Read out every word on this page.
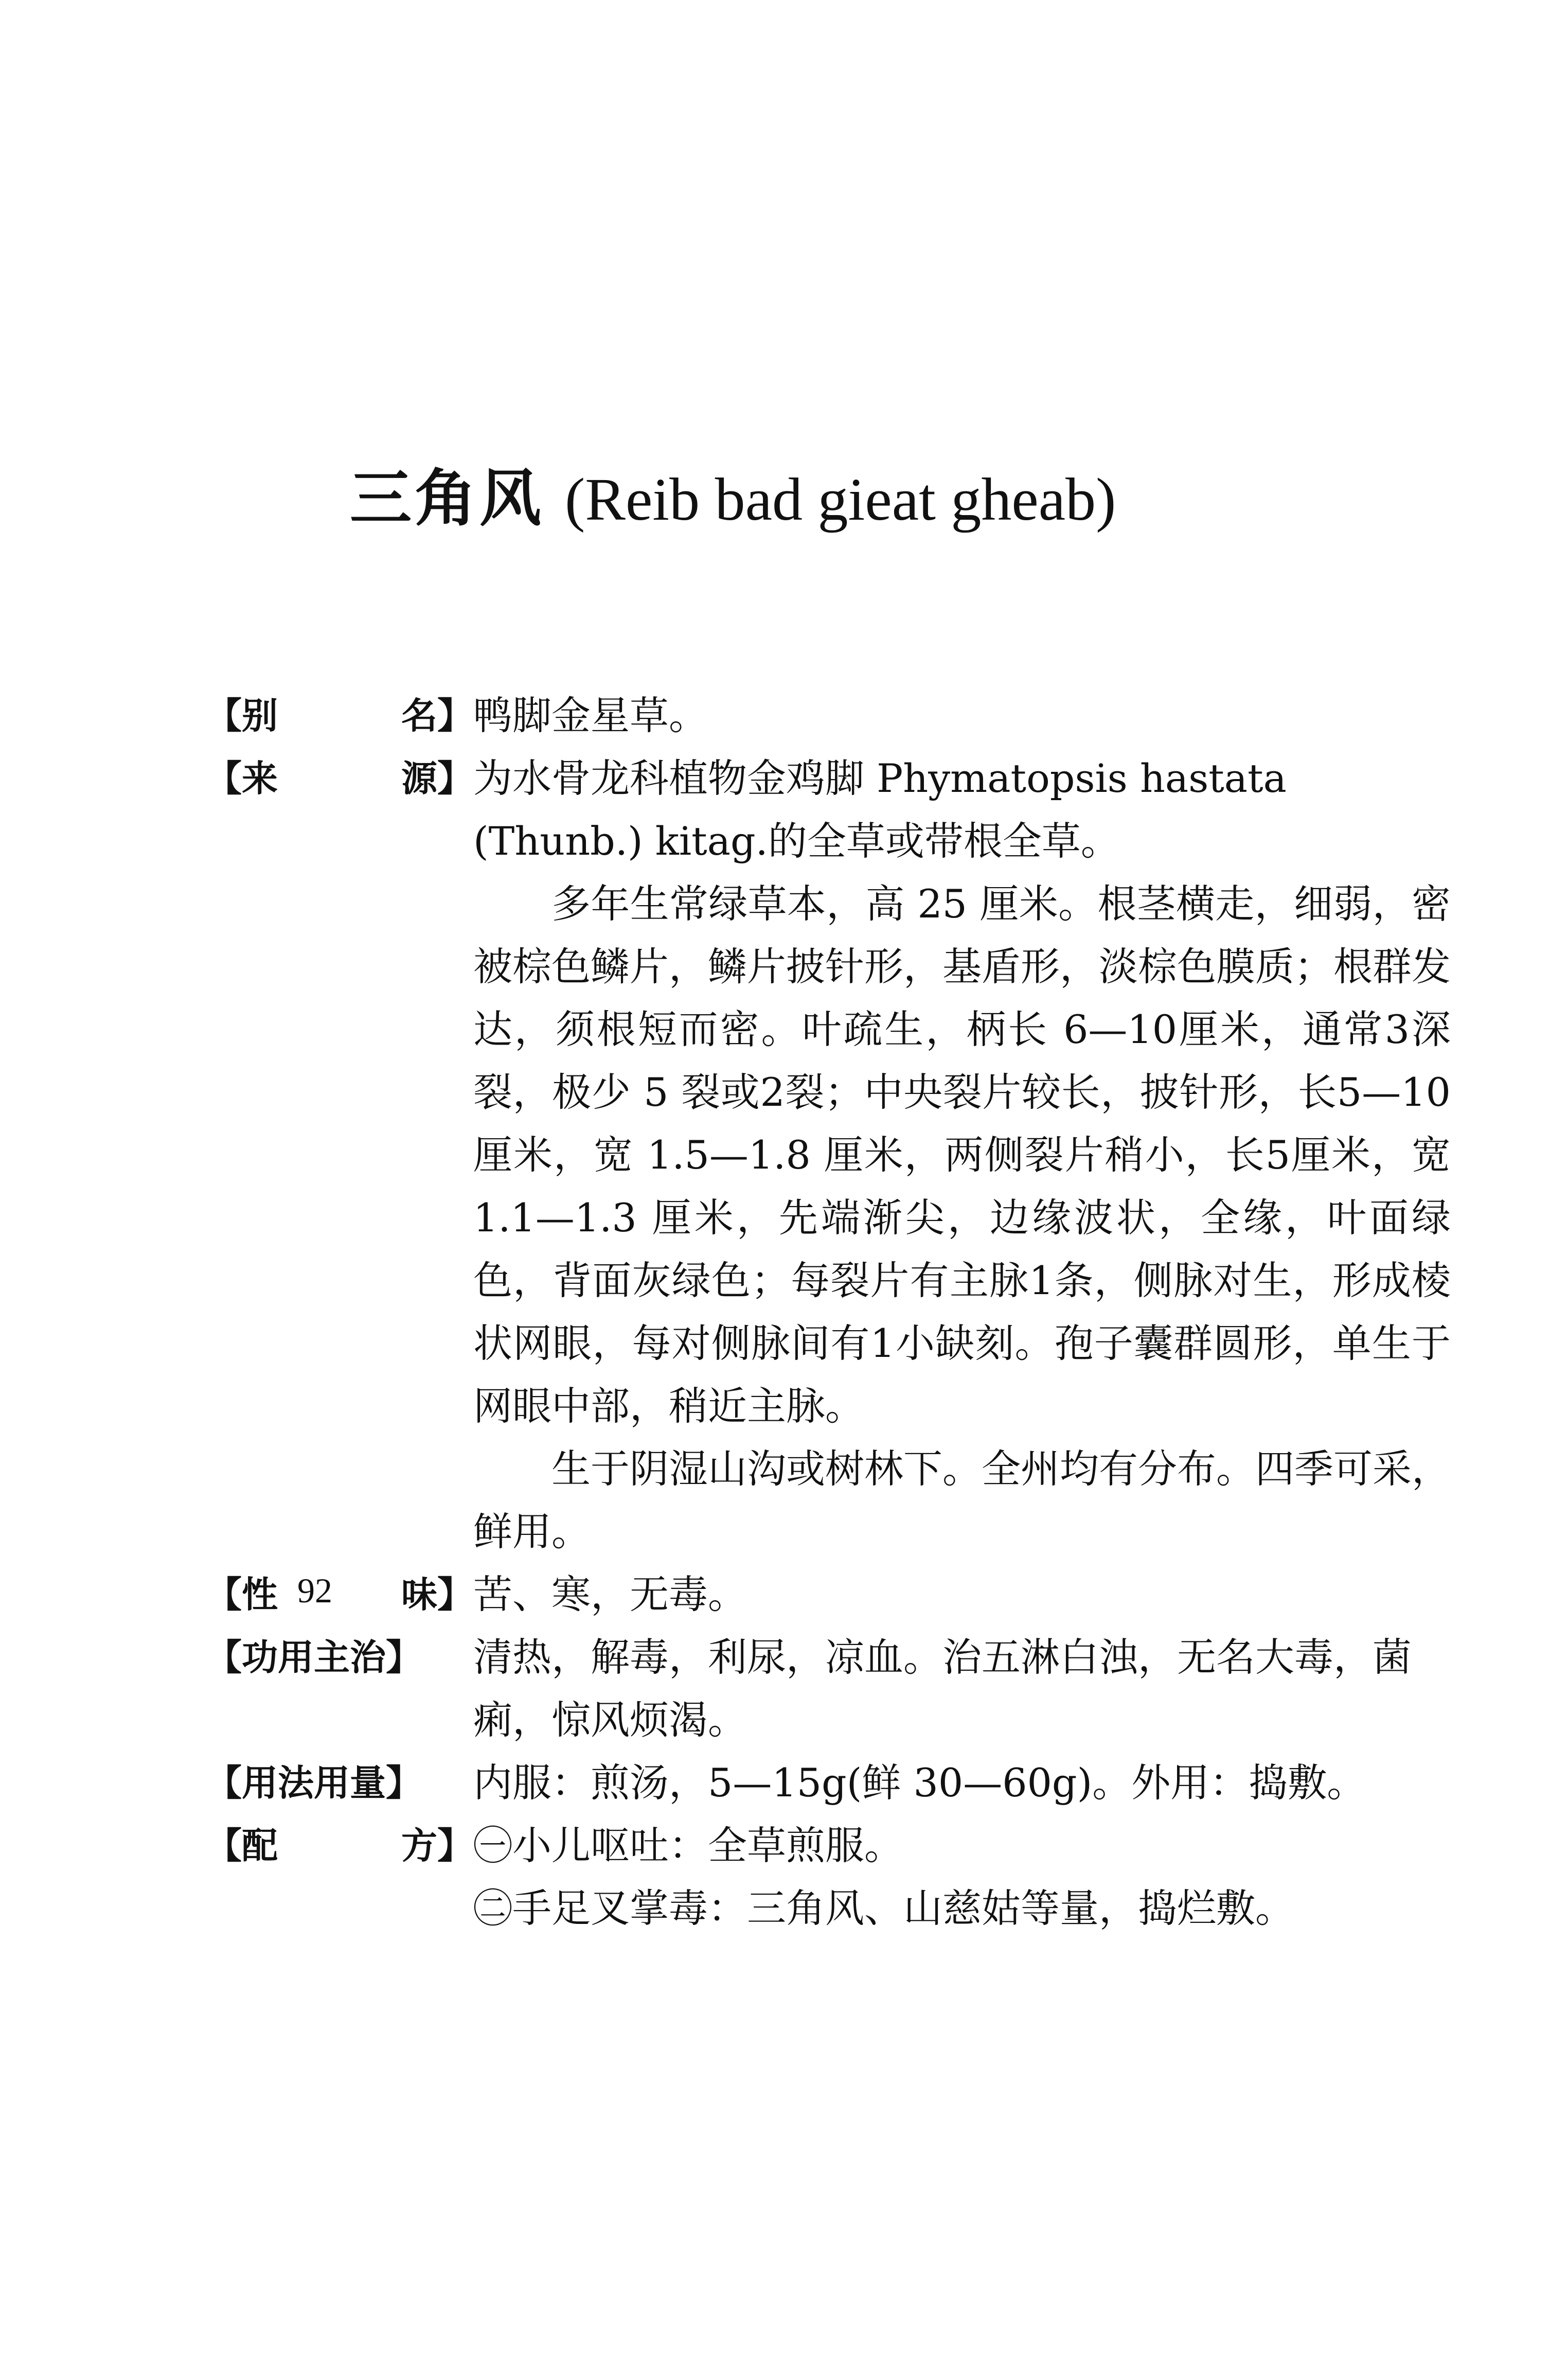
三角风 (Reib bad gieat gheab)
【别	名】 鸭脚金星草。
【来	源】 为水骨龙科植物金鸡脚 Phymatopsis hastata
(Thunb.) kitag.的全草或带根全草。
多年生常绿草本，高 25 厘米。根茎横走，细弱，密被棕色鳞片，鳞片披针形，基盾形，淡棕色膜质；根群发达，须根短而密。叶疏生，柄长 6—10厘米，通常3深裂，极少 5 裂或2裂；中央裂片较长，披针形，长5—10厘米，宽 1.5—1.8 厘米，两侧裂片稍小，长5厘米，宽 1.1—1.3 厘米，先端渐尖，边缘波状，全缘，叶面绿色，背面灰绿色；每裂片有主脉1条，侧脉对生，形成棱状网眼，每对侧脉间有1小缺刻。孢子囊群圆形，单生于网眼中部，稍近主脉。
生于阴湿山沟或树林下。全州均有分布。四季可采，鲜用。
【性	味】 苦、寒，无毒。
【功用主治】	清热，解毒，利尿，凉血。治五淋白浊，无名大毒，菌痢，惊风烦渴。
【用法用量】	内服：煎汤，5—15g(鲜 30—60g)。外用：捣敷。
【配	方】 ㊀小儿呕吐：全草煎服。
㊁手足叉掌毒：三角风、山慈姑等量，捣烂敷。
92
